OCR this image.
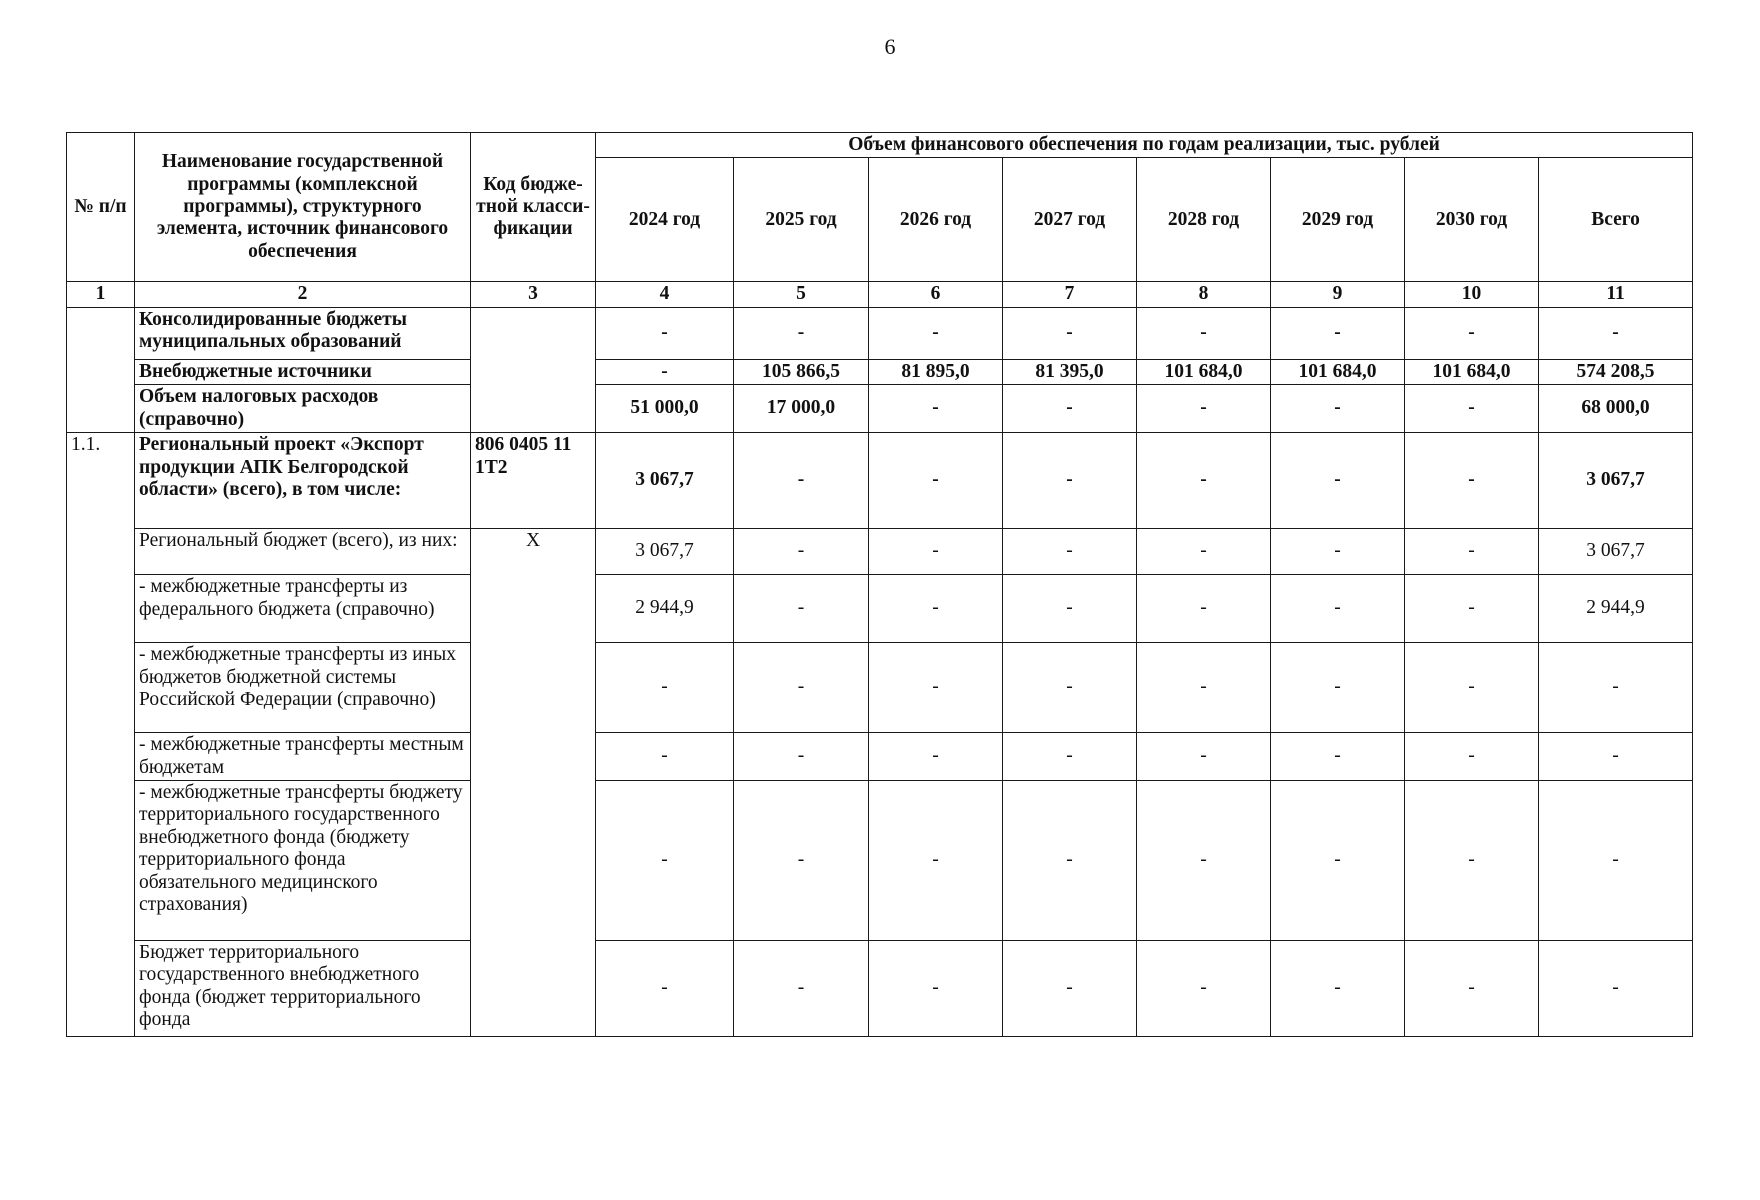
6
№ п/п	Наименование государственной программы (комплексной программы), структурного элемента, источник финансового обеспечения	Код бюдже-тной класси-фикации	Объем финансового обеспечения по годам реализации, тыс. рублей							
			2024 год	2025 год	2026 год	2027 год	2028 год	2029 год	2030 год	Всего
1	2	3	4	5	6	7	8	9	10	11
	Консолидированные бюджеты муниципальных образований		-	-	-	-	-	-	-	-
	Внебюджетные источники		-	105 866,5	81 895,0	81 395,0	101 684,0	101 684,0	101 684,0	574 208,5
	Объем налоговых расходов (справочно)		51 000,0	17 000,0	-	-	-	-	-	68 000,0
1.1.	Региональный проект «Экспорт продукции АПК Белгородской области» (всего), в том числе:	806 0405 11 1Т2	3 067,7	-	-	-	-	-	-	3 067,7
	Региональный бюджет (всего), из них:	Х	3 067,7	-	-	-	-	-	-	3 067,7
	- межбюджетные трансферты из федерального бюджета (справочно)		2 944,9	-	-	-	-	-	-	2 944,9
	- межбюджетные трансферты из иных бюджетов бюджетной системы Российской Федерации (справочно)		-	-	-	-	-	-	-	-
	- межбюджетные трансферты местным бюджетам		-	-	-	-	-	-	-	-
	- межбюджетные трансферты бюджету территориального государственного внебюджетного фонда (бюджету территориального фонда обязательного медицинского страхования)		-	-	-	-	-	-	-	-
	Бюджет территориального государственного внебюджетного фонда (бюджет территориального фонда		-	-	-	-	-	-	-	-
